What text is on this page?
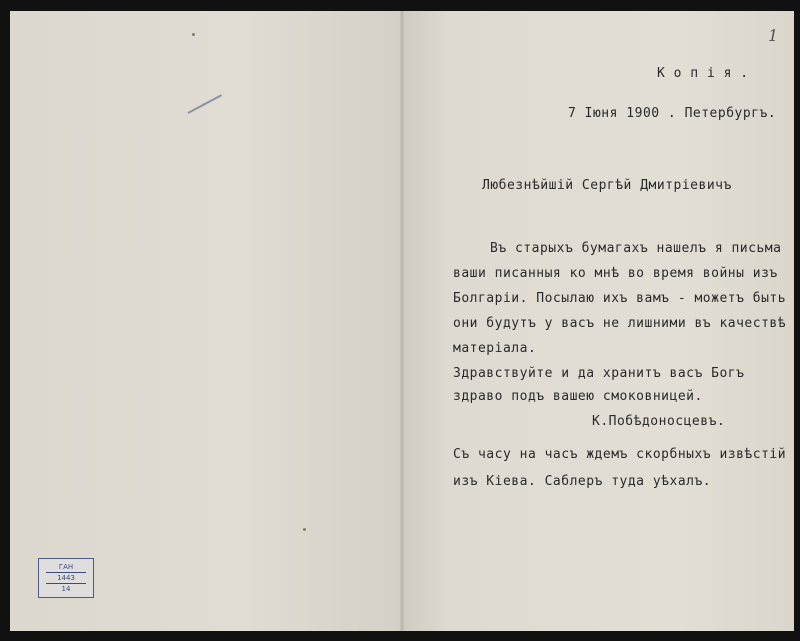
1
К о п і я .
7 Іюня 1900 . Петербургъ.
Любезнѣйшій Сергѣй Дмитріевичъ
Въ старыхъ бумагахъ нашелъ я письма
ваши писанныя ко мнѣ во время войны изъ
Болгаріи. Посылаю ихъ вамъ - можетъ быть
они будутъ у васъ не лишними въ качествѣ
матеріала.
Здравствуйте и да хранитъ васъ Богъ
здраво подъ вашею смоковницей.
К.Побѣдоносцевъ.
Съ часу на часъ ждемъ скорбныхъ извѣстій
изъ Кіева. Саблеръ туда уѣхалъ.
ГАН
1443
14
